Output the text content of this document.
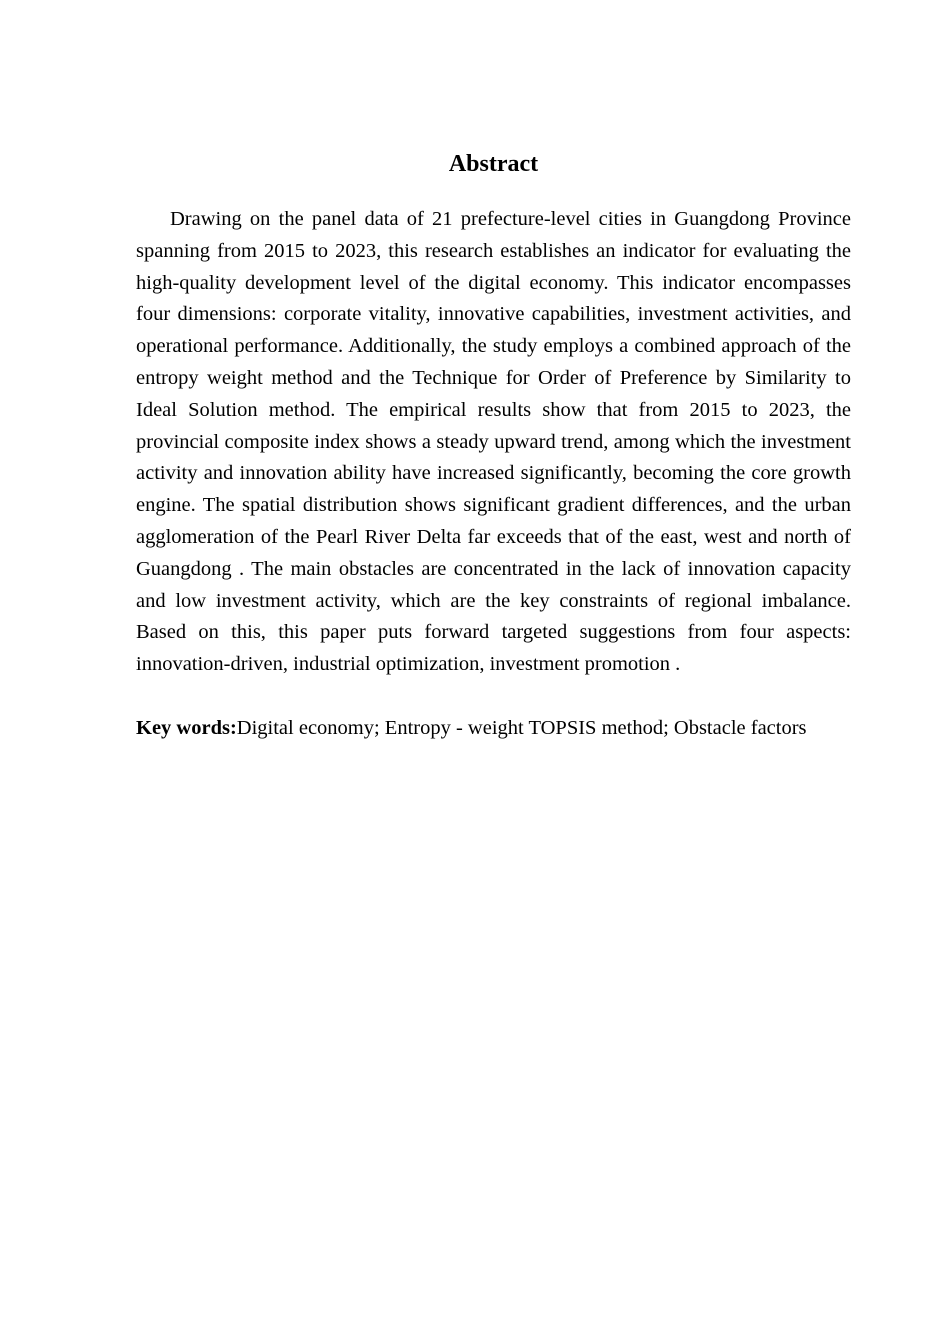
Abstract

Drawing on the panel data of 21 prefecture-level cities in Guangdong Province spanning from 2015 to 2023, this research establishes an indicator for evaluating the high-quality development level of the digital economy. This indicator encompasses four dimensions: corporate vitality, innovative capabilities, investment activities, and operational performance. Additionally, the study employs a combined approach of the entropy weight method and the Technique for Order of Preference by Similarity to Ideal Solution method. The empirical results show that from 2015 to 2023, the provincial composite index shows a steady upward trend, among which the investment activity and innovation ability have increased significantly, becoming the core growth engine. The spatial distribution shows significant gradient differences, and the urban agglomeration of the Pearl River Delta far exceeds that of the east, west and north of Guangdong . The main obstacles are concentrated in the lack of innovation capacity and low investment activity, which are the key constraints of regional imbalance. Based on this, this paper puts forward targeted suggestions from four aspects: innovation-driven, industrial optimization, investment promotion .

Key words:Digital economy; Entropy - weight TOPSIS method; Obstacle factors
